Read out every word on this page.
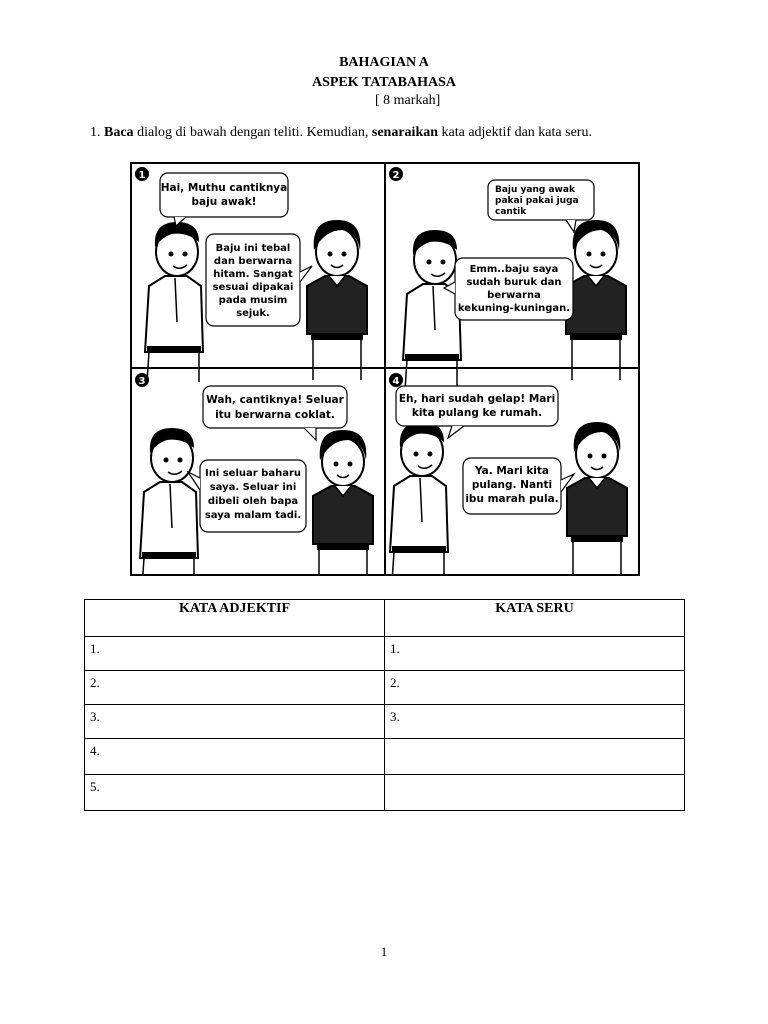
BAHAGIAN A
ASPEK TATABAHASA
[ 8 markah]
1. Baca dialog di bawah dengan teliti. Kemudian, senaraikan kata adjektif dan kata seru.
1	2
3	4
Hai, Muthu cantiknya baju awak!
Baju ini tebal dan berwarna hitam. Sangat sesuai dipakai pada musim sejuk.
Baju yang awak pakai pakai juga cantik
Emm..baju saya sudah buruk dan berwarna kekuning-kuningan.
Wah, cantiknya! Seluar itu berwarna coklat.
Ini seluar baharu saya. Seluar ini dibeli oleh bapa saya malam tadi.
Eh, hari sudah gelap! Mari kita pulang ke rumah.
Ya. Mari kita pulang. Nanti ibu marah pula.
KATA ADJEKTIF	KATA SERU
1.	1.
2.	2.
3.	3.
4.	
5.	
1
